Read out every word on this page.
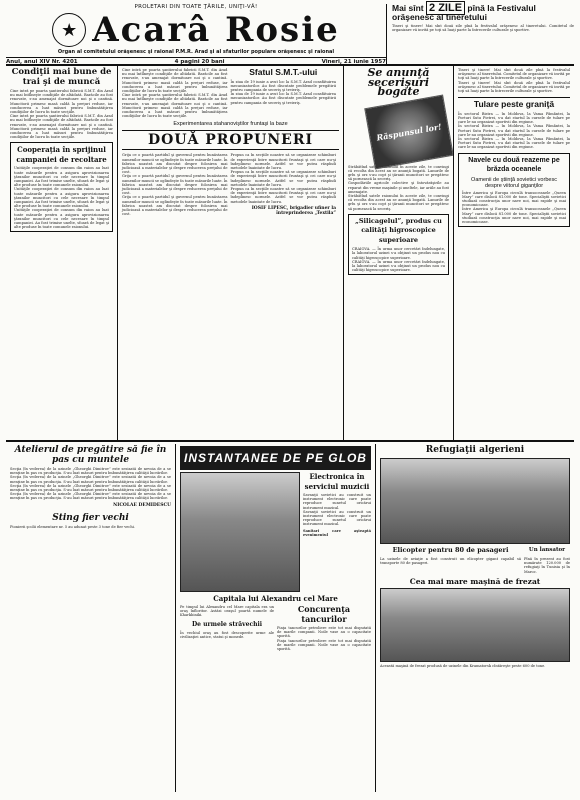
PROLETARI DIN TOATE ŢĂRILE, UNIŢI-VĂ!
★ Acarâ Rosie
Organ al comitetului orăşenesc şi raional P.M.R. Arad şi al sfaturilor populare orăşenesc şi raional
Anul, anul XIV Nr. 4201	4 pagini 20 bani	Vineri, 21 iunie 1957
Mai sînt 2 ZILE pînă la Festivalul orăşenesc al tineretului

Tineri şi tinere! Mai sînt două zile pînă la festivalul orăşenesc al tineretului. Comitetul de organizare vă invită pe toţi să luaţi parte la întrecerile culturale şi sportive.

Condiţii mai bune de trai şi de muncă

Cine intră pe poarta şantierului fabricii S.M.T. din Arad nu mai întîlneşte condiţiile de altădată. Barăcile au fost renovate, s-au amenajat dormitoare noi şi o cantină. Muncitorii primesc masă caldă la preţuri reduse, iar conducerea a luat măsuri pentru îmbunătăţirea condiţiilor de lucru în toate secţiile.

Cine intră pe poarta şantierului fabricii S.M.T. din Arad nu mai întîlneşte condiţiile de altădată. Barăcile au fost renovate, s-au amenajat dormitoare noi şi o cantină. Muncitorii primesc masă caldă la preţuri reduse, iar conducerea a luat măsuri pentru îmbunătăţirea condiţiilor de lucru în toate secţiile.

Cooperaţia în sprijinul campaniei de recoltare

Unităţile cooperaţiei de consum din raion au luat toate măsurile pentru a asigura aprovizionarea ţăranilor muncitori cu cele necesare în timpul campaniei. Au fost trimise unelte, sfoară de legat şi alte produse în toate comunele raionului.

Unităţile cooperaţiei de consum din raion au luat toate măsurile pentru a asigura aprovizionarea ţăranilor muncitori cu cele necesare în timpul campaniei. Au fost trimise unelte, sfoară de legat şi alte produse în toate comunele raionului.

Unităţile cooperaţiei de consum din raion au luat toate măsurile pentru a asigura aprovizionarea ţăranilor muncitori cu cele necesare în timpul campaniei. Au fost trimise unelte, sfoară de legat şi alte produse în toate comunele raionului.

Cine intră pe poarta şantierului fabricii S.M.T. din Arad nu mai întîlneşte condiţiile de altădată. Barăcile au fost renovate, s-au amenajat dormitoare noi şi o cantină. Muncitorii primesc masă caldă la preţuri reduse, iar conducerea a luat măsuri pentru îmbunătăţirea condiţiilor de lucru în toate secţiile.

Cine intră pe poarta şantierului fabricii S.M.T. din Arad nu mai întîlneşte condiţiile de altădată. Barăcile au fost renovate, s-au amenajat dormitoare noi şi o cantină. Muncitorii primesc masă caldă la preţuri reduse, iar conducerea a luat măsuri pentru îmbunătăţirea condiţiilor de lucru în toate secţiile.

Sfatul S.M.T.-ului

În ziua de 19 iunie a avut loc la S.M.T. Arad consfătuirea mecanizatorilor. Au fost discutate problemele pregătirii pentru campania de seceriş şi treieriş.

În ziua de 19 iunie a avut loc la S.M.T. Arad consfătuirea mecanizatorilor. Au fost discutate problemele pregătirii pentru campania de seceriş şi treieriş.

Experimentarea stahanoviştilor fruntaşi la baze
DOUĂ PROPUNERI

Grija ce o poartă partidul şi guvernul pentru bunăstarea oamenilor muncii se oglindeşte în toate măsurile luate. În fabrica noastră am discutat despre folosirea mai judicioasă a materialelor şi despre reducerea preţului de cost.

Grija ce o poartă partidul şi guvernul pentru bunăstarea oamenilor muncii se oglindeşte în toate măsurile luate. În fabrica noastră am discutat despre folosirea mai judicioasă a materialelor şi despre reducerea preţului de cost.

Grija ce o poartă partidul şi guvernul pentru bunăstarea oamenilor muncii se oglindeşte în toate măsurile luate. În fabrica noastră am discutat despre folosirea mai judicioasă a materialelor şi despre reducerea preţului de cost.

Propun ca în secţiile noastre să se organizeze schimburi de experienţă între muncitorii fruntaşi şi cei care nu-şi îndeplinesc normele. Astfel se vor putea răspîndi metodele înaintate de lucru.

Propun ca în secţiile noastre să se organizeze schimburi de experienţă între muncitorii fruntaşi şi cei care nu-şi îndeplinesc normele. Astfel se vor putea răspîndi metodele înaintate de lucru.

Propun ca în secţiile noastre să se organizeze schimburi de experienţă între muncitorii fruntaşi şi cei care nu-şi îndeplinesc normele. Astfel se vor putea răspîndi metodele înaintate de lucru.

IOSIF LIPESC, brigadier ufiner la întreprinderea „Textila”
Se anunţă secerişuri bogate
Răspunsul lor!

Străbătînd satele raionului în aceste zile, te convingi că recolta din acest an se anunţă bogată. Lanurile de grîu şi orz s-au copt şi ţăranii muncitori se pregătesc să pornească la seceriş.

Gospodăriile agricole colective şi întovărăşirile au reparat din vreme maşinile şi uneltele, iar ariile au fost amenajate.

Străbătînd satele raionului în aceste zile, te convingi că recolta din acest an se anunţă bogată. Lanurile de grîu şi orz s-au copt şi ţăranii muncitori se pregătesc să pornească la seceriş.

„Silicagelul”, produs cu calităţi higroscopice superioare

CRAIOVA. — În urma unor cercetări îndelungate, la laboratorul uzinei s-a obţinut un produs nou cu calităţi higroscopice superioare.

CRAIOVA. — În urma unor cercetări îndelungate, la laboratorul uzinei s-a obţinut un produs nou cu calităţi higroscopice superioare.

Tineri şi tinere! Mai sînt două zile pînă la festivalul orăşenesc al tineretului. Comitetul de organizare vă invită pe toţi să luaţi parte la întrecerile culturale şi sportive.

Tineri şi tinere! Mai sînt două zile pînă la festivalul orăşenesc al tineretului. Comitetul de organizare vă invită pe toţi să luaţi parte la întrecerile culturale şi sportive.

Tulare peste graniţă

În sectorul Bistra — în Moldova, la Vama Pâmântei, la Porturi Sutu Pietrei, s-a dat startul la cursele de tulare pe care le-au organizat sportivii din regiune.

În sectorul Bistra — în Moldova, la Vama Pâmântei, la Porturi Sutu Pietrei, s-a dat startul la cursele de tulare pe care le-au organizat sportivii din regiune.

În sectorul Bistra — în Moldova, la Vama Pâmântei, la Porturi Sutu Pietrei, s-a dat startul la cursele de tulare pe care le-au organizat sportivii din regiune.

Navele cu două reazeme pe brăzda oceanele
Oamenii de ştiinţă sovietici vorbesc despre viitorul giganţilor

Între America şi Europa circulă transoceanele „Queen Mary” care dislocă 81.000 de tone. Specialiştii sovietici studiază construcţia unor nave noi, mai rapide şi mai economicoase.

Între America şi Europa circulă transoceanele „Queen Mary” care dislocă 81.000 de tone. Specialiştii sovietici studiază construcţia unor nave noi, mai rapide şi mai economicoase.

Atelierul de pregătire să fie în pas cu muntele

Secţia (în vederea) de la uzinele „Gheorghi Dimitrov” este sesizată de nevoia de a se menţine în pas cu producţia. S-au luat măsuri pentru îmbunătăţirea calităţii lucrărilor.

Secţia (în vederea) de la uzinele „Gheorghi Dimitrov” este sesizată de nevoia de a se menţine în pas cu producţia. S-au luat măsuri pentru îmbunătăţirea calităţii lucrărilor.

Secţia (în vederea) de la uzinele „Gheorghi Dimitrov” este sesizată de nevoia de a se menţine în pas cu producţia. S-au luat măsuri pentru îmbunătăţirea calităţii lucrărilor.

Secţia (în vederea) de la uzinele „Gheorghi Dimitrov” este sesizată de nevoia de a se menţine în pas cu producţia. S-au luat măsuri pentru îmbunătăţirea calităţii lucrărilor.

NICOLAE DEMIDESCU
Sting fier vechi

Pionierii şcolii elementare nr. 5 au adunat peste 3 tone de fier vechi.

INSTANTANEE DE PE GLOB
Electronica în serviciul muzicii

Savanţii sovietici au construit un instrument electronic care poate reproduce sunetul oricărui instrument muzical.

Savanţii sovietici au construit un instrument electronic care poate reproduce sunetul oricărui instrument muzical.

Sanitari care aşteaptă evenimentul

Capitala lui Alexandru cel Mare

Pe timpul lui Alexandru cel Mare capitala era un oraş înfloritor. Astăzi oraşul poartă numele de Kharkhiniki.

De urmele străvechii

În vechiul oraş au fost descoperite urme ale civilizaţiei antice, statui şi monede.

Concurenţa tancurilor

Piaţa tancurilor petroliere este tot mai disputată de marile companii. Noile vase au o capacitate sporită.

Piaţa tancurilor petroliere este tot mai disputată de marile companii. Noile vase au o capacitate sporită.

Refugiaţii algerieni
Elicopter pentru 80 de pasageri

La uzinele de aviaţie a fost construit un elicopter gigant capabil să transporte 80 de pasageri.

Un lansator

Pînă în prezent au fost numărate 120.000 de refugiaţi în Tunisia şi în Maroc.

Cea mai mare maşină de frezat

Această maşină de frezat produsă de uzinele din Kramatorsk cîntăreşte peste 600 de tone.
